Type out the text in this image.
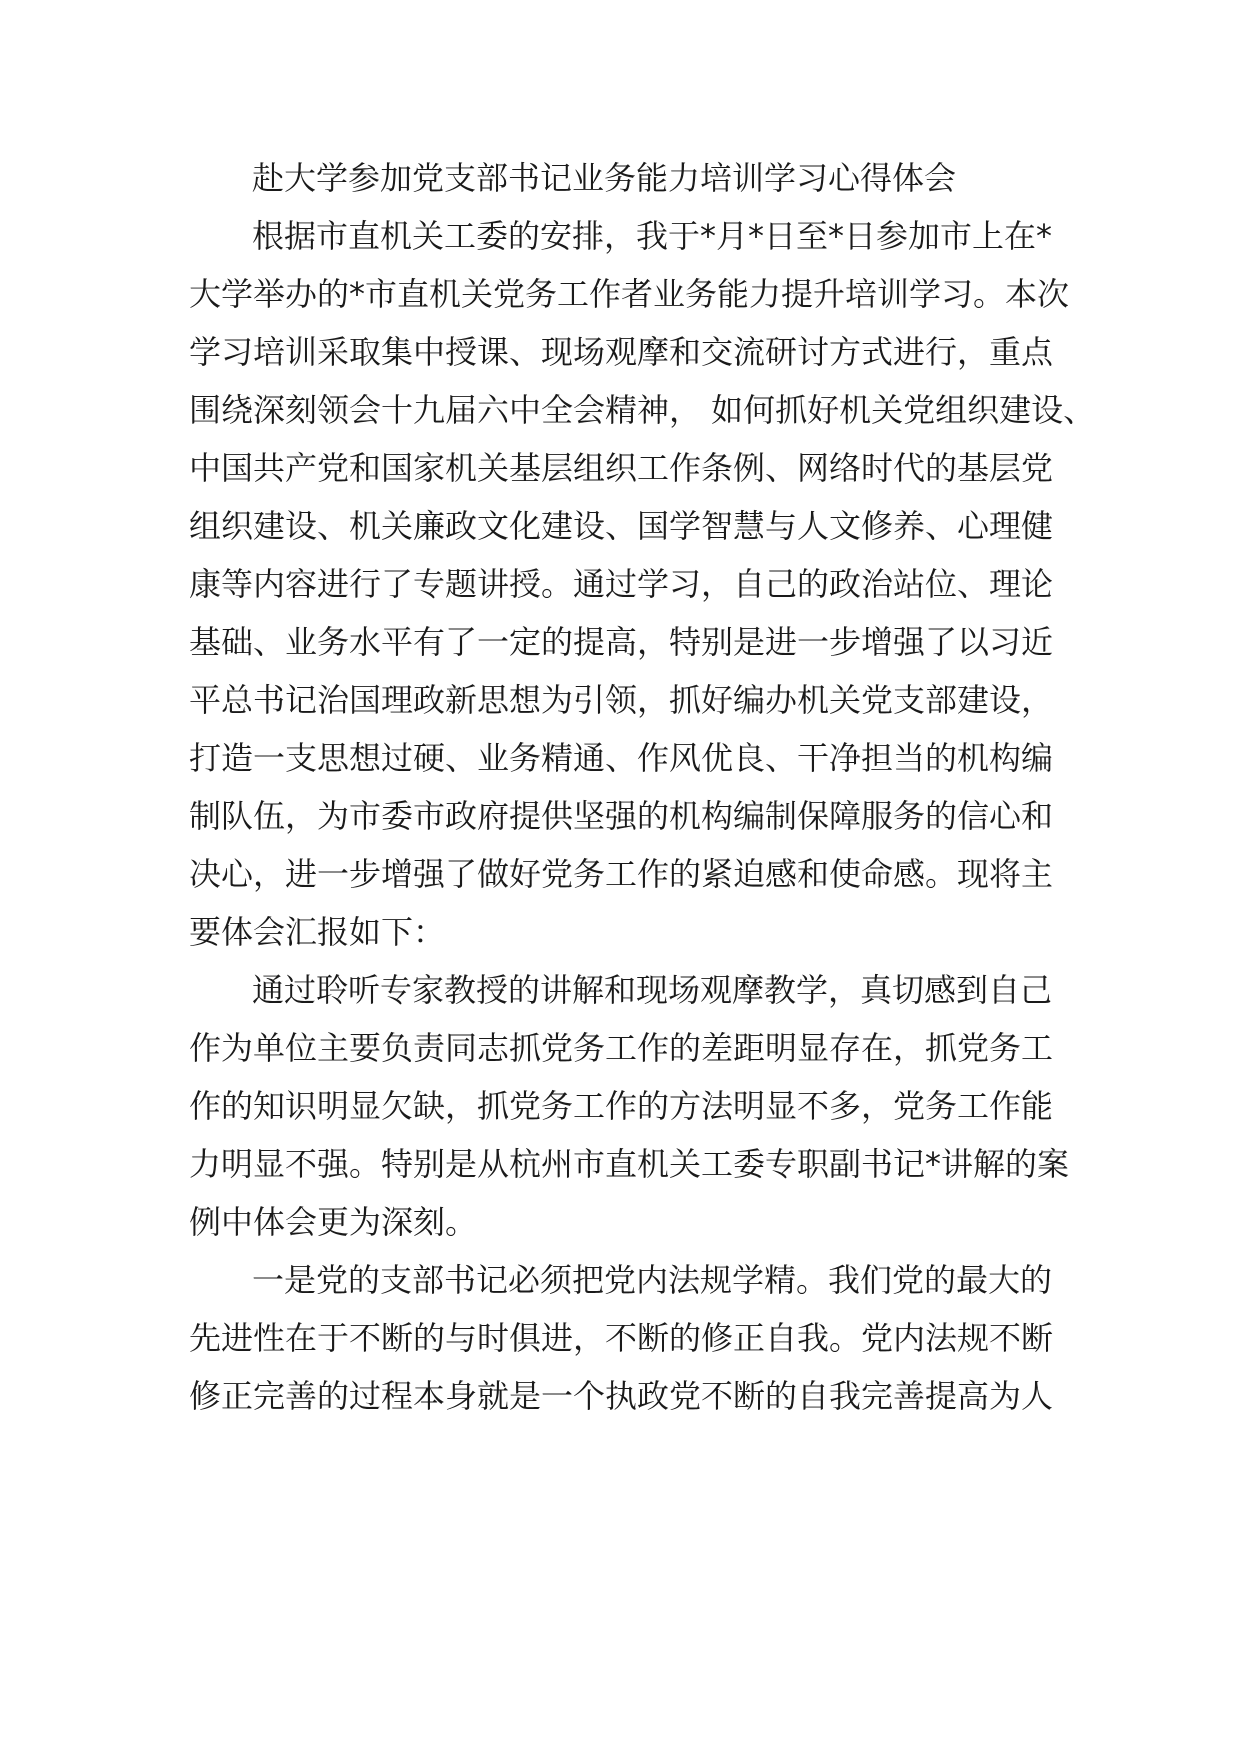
赴大学参加党支部书记业务能力培训学习心得体会

根据市直机关工委的安排，我于*月*日至*日参加市上在*

大学举办的*市直机关党务工作者业务能力提升培训学习。本次

学习培训采取集中授课、现场观摩和交流研讨方式进行，重点

围绕深刻领会十九届六中全会精神， 如何抓好机关党组织建设、

中国共产党和国家机关基层组织工作条例、网络时代的基层党

组织建设、机关廉政文化建设、国学智慧与人文修养、心理健

康等内容进行了专题讲授。通过学习，自己的政治站位、理论

基础、业务水平有了一定的提高，特别是进一步增强了以习近

平总书记治国理政新思想为引领，抓好编办机关党支部建设，

打造一支思想过硬、业务精通、作风优良、干净担当的机构编

制队伍，为市委市政府提供坚强的机构编制保障服务的信心和

决心，进一步增强了做好党务工作的紧迫感和使命感。现将主

要体会汇报如下：

通过聆听专家教授的讲解和现场观摩教学，真切感到自己

作为单位主要负责同志抓党务工作的差距明显存在，抓党务工

作的知识明显欠缺，抓党务工作的方法明显不多，党务工作能

力明显不强。特别是从杭州市直机关工委专职副书记*讲解的案

例中体会更为深刻。

一是党的支部书记必须把党内法规学精。我们党的最大的

先进性在于不断的与时俱进，不断的修正自我。党内法规不断

修正完善的过程本身就是一个执政党不断的自我完善提高为人
